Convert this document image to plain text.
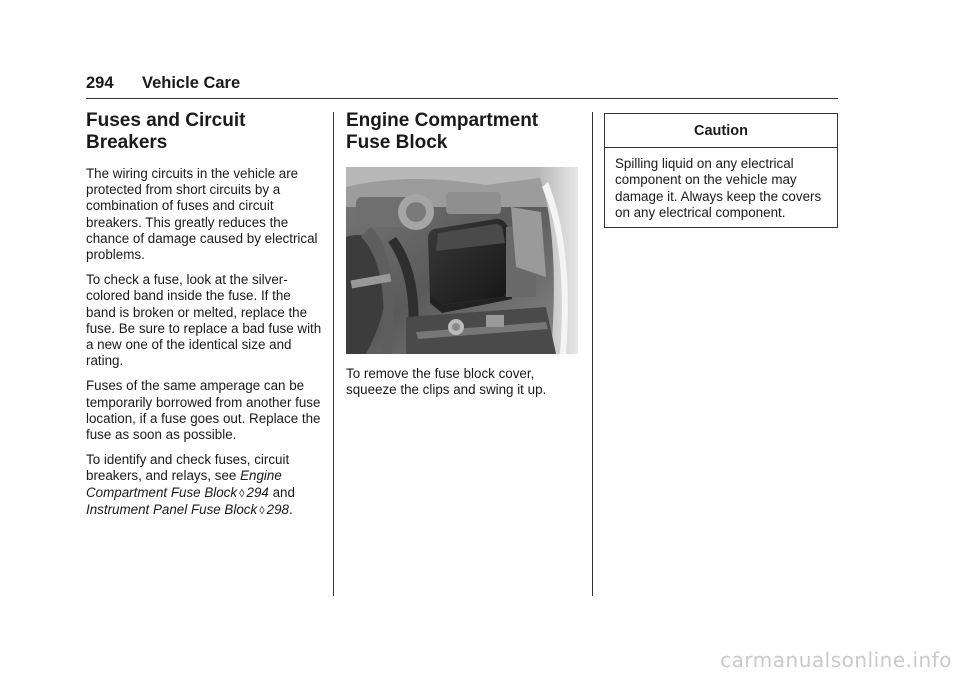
294 Vehicle Care
Fuses and Circuit
Breakers

The wiring circuits in the vehicle are protected from short circuits by a combination of fuses and circuit breakers. This greatly reduces the chance of damage caused by electrical problems.

To check a fuse, look at the silver-colored band inside the fuse. If the band is broken or melted, replace the fuse. Be sure to replace a bad fuse with a new one of the identical size and rating.

Fuses of the same amperage can be temporarily borrowed from another fuse location, if a fuse goes out. Replace the fuse as soon as possible.

To identify and check fuses, circuit breakers, and relays, see Engine Compartment Fuse Block ◊ 294 and Instrument Panel Fuse Block ◊ 298.

Engine Compartment
Fuse Block

To remove the fuse block cover, squeeze the clips and swing it up.

Caution
Spilling liquid on any electrical component on the vehicle may damage it. Always keep the covers on any electrical component.
carmanualsonline.info
